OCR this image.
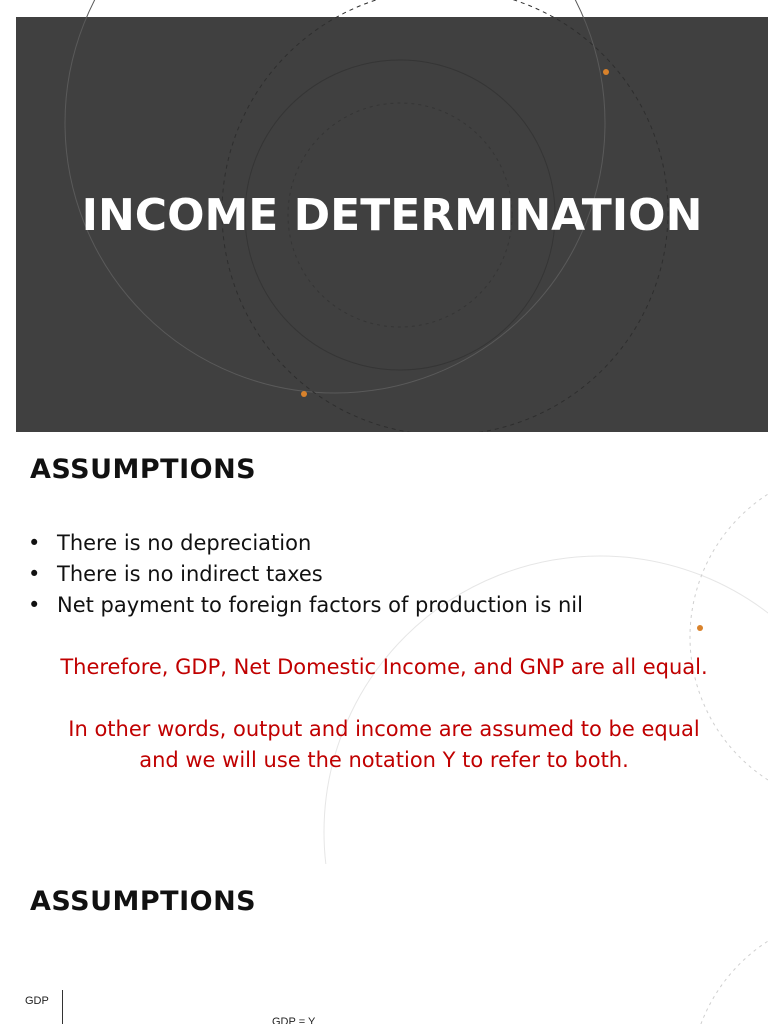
INCOME DETERMINATION
ASSUMPTIONS
• There is no depreciation
• There is no indirect taxes
• Net payment to foreign factors of production is nil
Therefore, GDP, Net Domestic Income, and GNP are all equal.
In other words, output and income are assumed to be equal
and we will use the notation Y to refer to both.
ASSUMPTIONS
GDP
GDP = Y
